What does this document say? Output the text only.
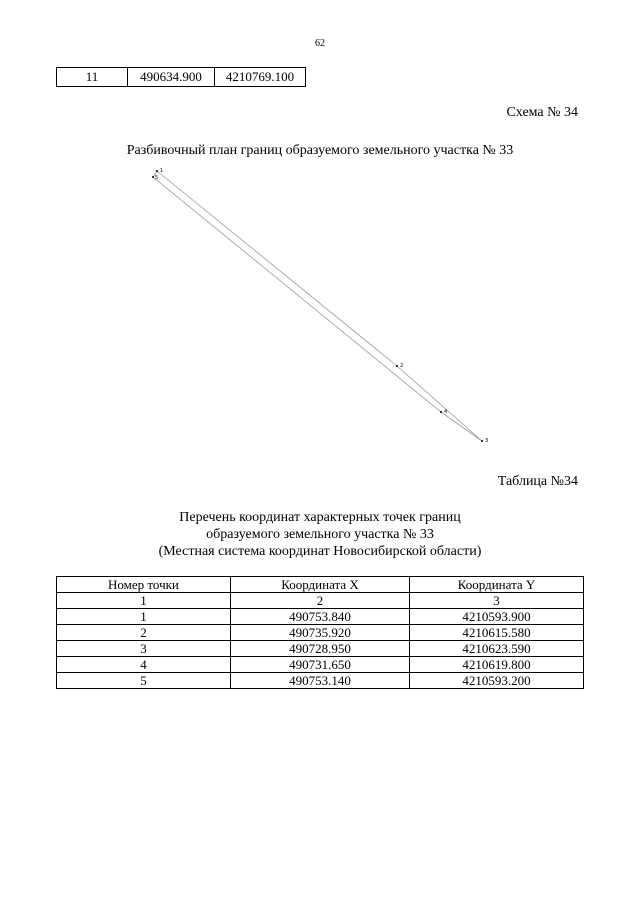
62
11	490634.900	4210769.100
Схема № 34
Разбивочный план границ образуемого земельного участка № 33
1
2
3
4
5
Таблица №34
Перечень координат характерных точек границ
образуемого земельного участка № 33
(Местная система координат Новосибирской области)
Номер точки	Координата X	Координата Y
1	2	3
1	490753.840	4210593.900
2	490735.920	4210615.580
3	490728.950	4210623.590
4	490731.650	4210619.800
5	490753.140	4210593.200
